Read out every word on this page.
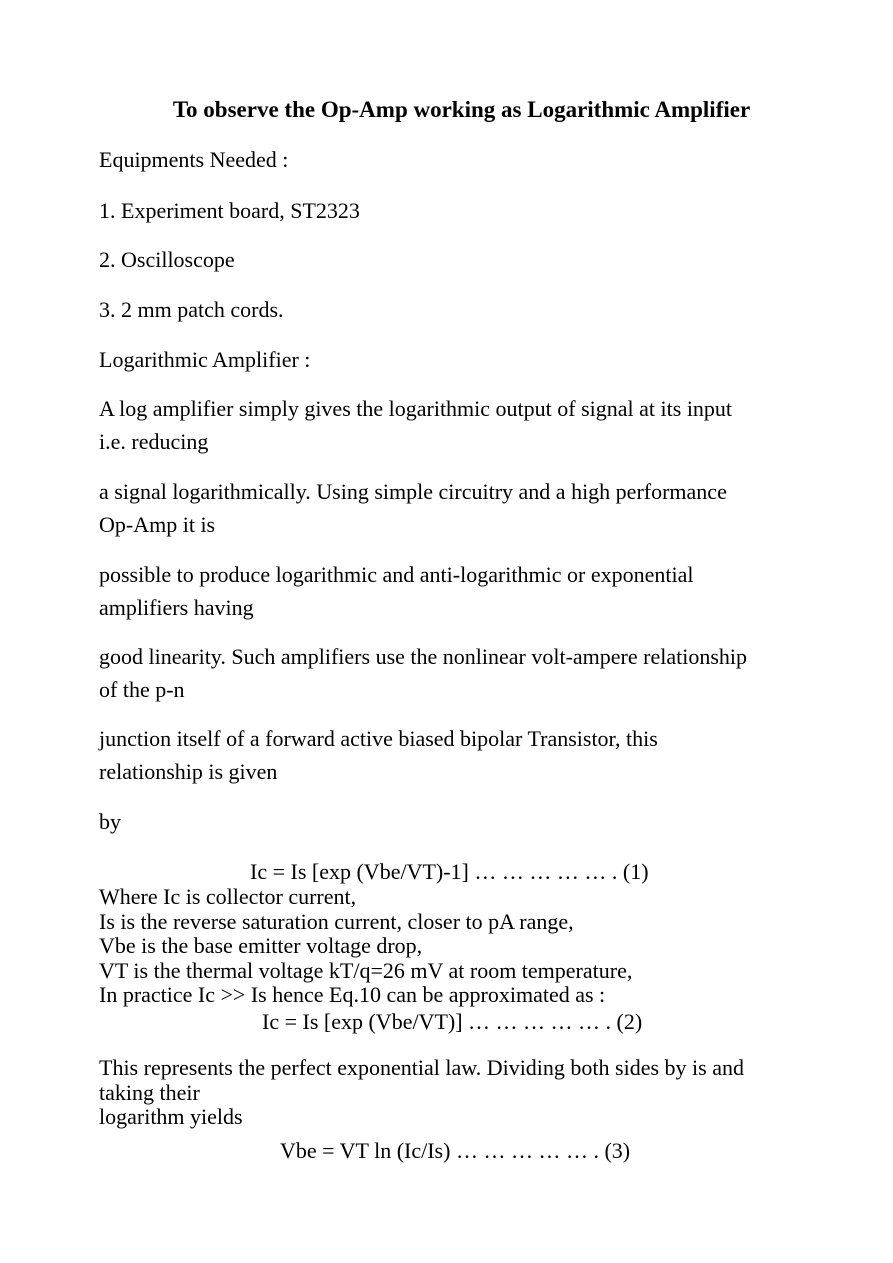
To observe the Op-Amp working as Logarithmic Amplifier
Equipments Needed :
1. Experiment board, ST2323
2. Oscilloscope
3. 2 mm patch cords.
Logarithmic Amplifier :
A log amplifier simply gives the logarithmic output of signal at its input
i.e. reducing
a signal logarithmically. Using simple circuitry and a high performance
Op-Amp it is
possible to produce logarithmic and anti-logarithmic or exponential
amplifiers having
good linearity. Such amplifiers use the nonlinear volt-ampere relationship
of the p-n
junction itself of a forward active biased bipolar Transistor, this
relationship is given
by
Ic = Is [exp (Vbe/VT)-1] … … … … … . (1)
Where Ic is collector current,
Is is the reverse saturation current, closer to pA range,
Vbe is the base emitter voltage drop,
VT is the thermal voltage kT/q=26 mV at room temperature,
In practice Ic >> Is hence Eq.10 can be approximated as :
Ic = Is [exp (Vbe/VT)] … … … … … . (2)
This represents the perfect exponential law. Dividing both sides by is and
taking their
logarithm yields
Vbe = VT ln (Ic/Is) … … … … … . (3)
